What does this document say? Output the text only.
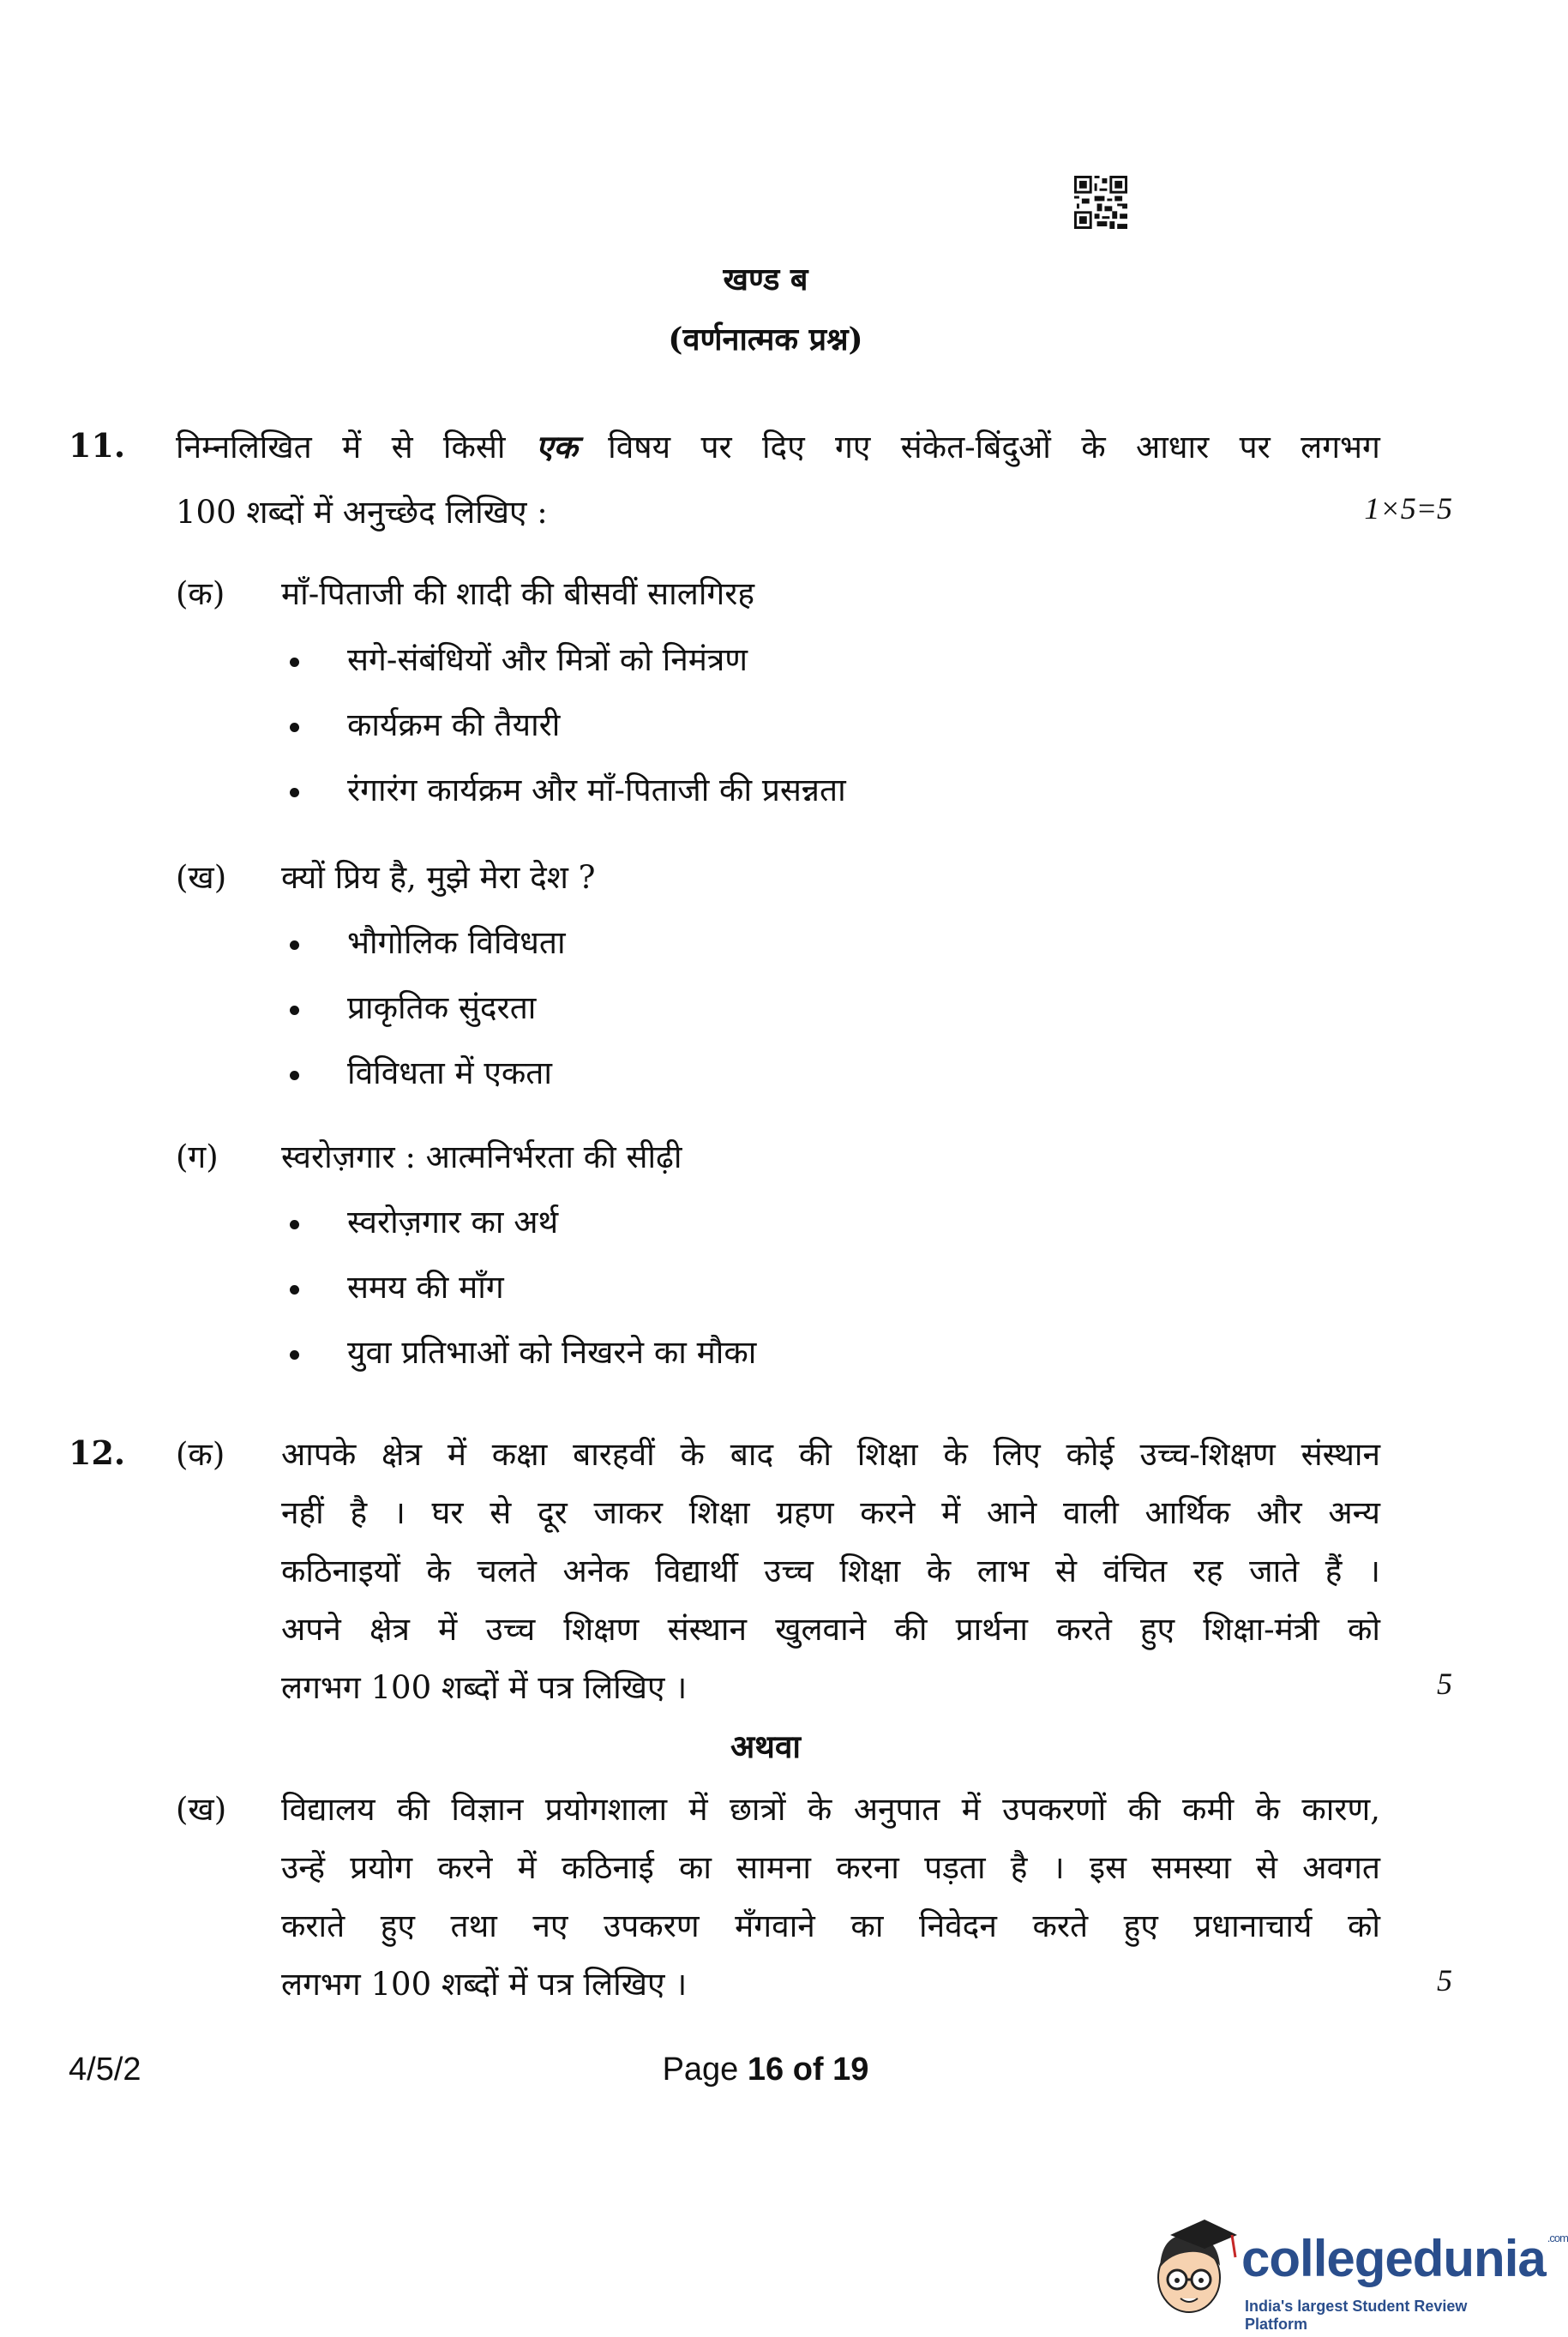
खण्ड ब
(वर्णनात्मक प्रश्न)
11. निम्नलिखित में से किसी एक विषय पर दिए गए संकेत-बिंदुओं के आधार पर लगभग
100 शब्दों में अनुच्छेद लिखिए :	1×5=5
(क) माँ-पिताजी की शादी की बीसवीं सालगिरह
सगे-संबंधियों और मित्रों को निमंत्रण
कार्यक्रम की तैयारी
रंगारंग कार्यक्रम और माँ-पिताजी की प्रसन्नता
(ख) क्यों प्रिय है, मुझे मेरा देश ?
भौगोलिक विविधता
प्राकृतिक सुंदरता
विविधता में एकता
(ग) स्वरोज़गार : आत्मनिर्भरता की सीढ़ी
स्वरोज़गार का अर्थ
समय की माँग
युवा प्रतिभाओं को निखरने का मौका
12. (क) आपके क्षेत्र में कक्षा बारहवीं के बाद की शिक्षा के लिए कोई उच्च-शिक्षण संस्थान
नहीं है । घर से दूर जाकर शिक्षा ग्रहण करने में आने वाली आर्थिक और अन्य
कठिनाइयों के चलते अनेक विद्यार्थी उच्च शिक्षा के लाभ से वंचित रह जाते हैं ।
अपने क्षेत्र में उच्च शिक्षण संस्थान खुलवाने की प्रार्थना करते हुए शिक्षा-मंत्री को
लगभग 100 शब्दों में पत्र लिखिए ।	5
अथवा
(ख) विद्यालय की विज्ञान प्रयोगशाला में छात्रों के अनुपात में उपकरणों की कमी के कारण,
उन्हें प्रयोग करने में कठिनाई का सामना करना पड़ता है । इस समस्या से अवगत
कराते हुए तथा नए उपकरण मँगवाने का निवेदन करते हुए प्रधानाचार्य को
लगभग 100 शब्दों में पत्र लिखिए ।	5
4/5/2	Page 16 of 19
collegedunia $^{.com}$
India's largest Student Review Platform
